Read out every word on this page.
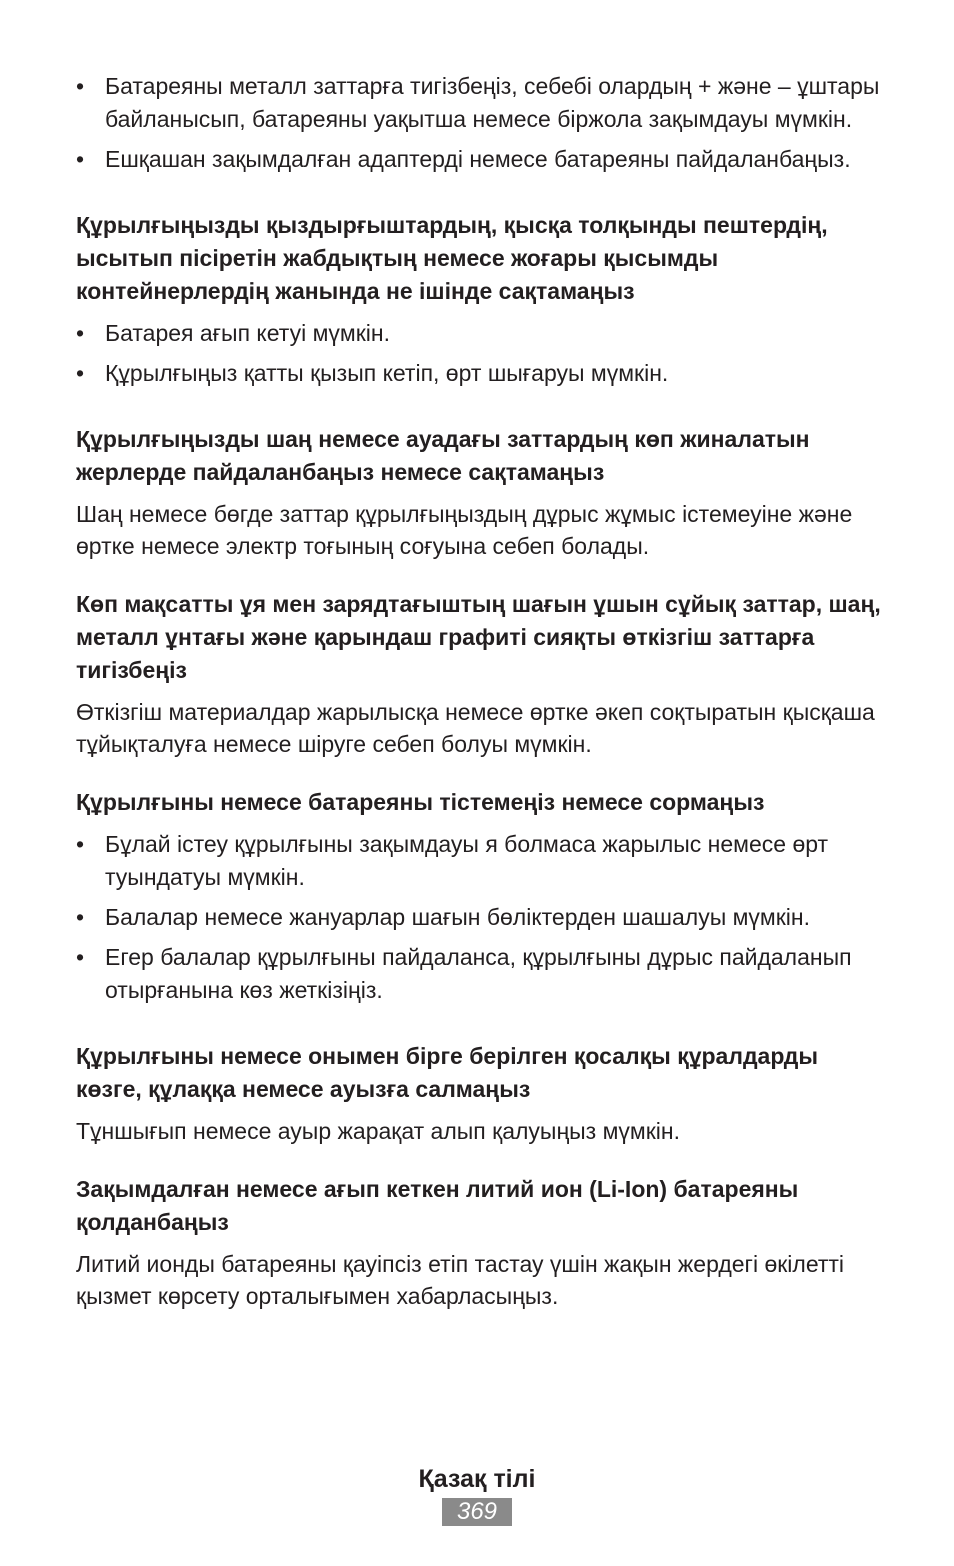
• Батареяны металл заттарға тигізбеңіз, себебі олардың + және – ұштары байланысып, батареяны уақытша немесе біржола зақымдауы мүмкін.
• Ешқашан зақымдалған адаптерді немесе батареяны пайдаланбаңыз.
Құрылғыңызды қыздырғыштардың, қысқа толқынды пештердің, ысытып пісіретін жабдықтың немесе жоғары қысымды контейнерлердің жанында не ішінде сақтамаңыз
• Батарея ағып кетуі мүмкін.
• Құрылғыңыз қатты қызып кетіп, өрт шығаруы мүмкін.
Құрылғыңызды шаң немесе ауадағы заттардың көп жиналатын жерлерде пайдаланбаңыз немесе сақтамаңыз

Шаң немесе бөгде заттар құрылғыңыздың дұрыс жұмыс істемеуіне және өртке немесе электр тоғының соғуына себеп болады.

Көп мақсатты ұя мен зарядтағыштың шағын ұшын сұйық заттар, шаң, металл ұнтағы және қарындаш графиті сияқты өткізгіш заттарға тигізбеңіз

Өткізгіш материалдар жарылысқа немесе өртке әкеп соқтыратын қысқаша тұйықталуға немесе шіруге себеп болуы мүмкін.

Құрылғыны немесе батареяны тістемеңіз немесе сормаңыз
• Бұлай істеу құрылғыны зақымдауы я болмаса жарылыс немесе өрт туындатуы мүмкін.
• Балалар немесе жануарлар шағын бөліктерден шашалуы мүмкін.
• Егер балалар құрылғыны пайдаланса, құрылғыны дұрыс пайдаланып отырғанына көз жеткізіңіз.
Құрылғыны немесе онымен бірге берілген қосалқы құралдарды көзге, құлаққа немесе ауызға салмаңыз

Тұншығып немесе ауыр жарақат алып қалуыңыз мүмкін.

Зақымдалған немесе ағып кеткен литий ион (Li-Ion) батареяны қолданбаңыз

Литий ионды батареяны қауіпсіз етіп тастау үшін жақын жердегі өкілетті қызмет көрсету орталығымен хабарласыңыз.

Қазақ тілі
369
